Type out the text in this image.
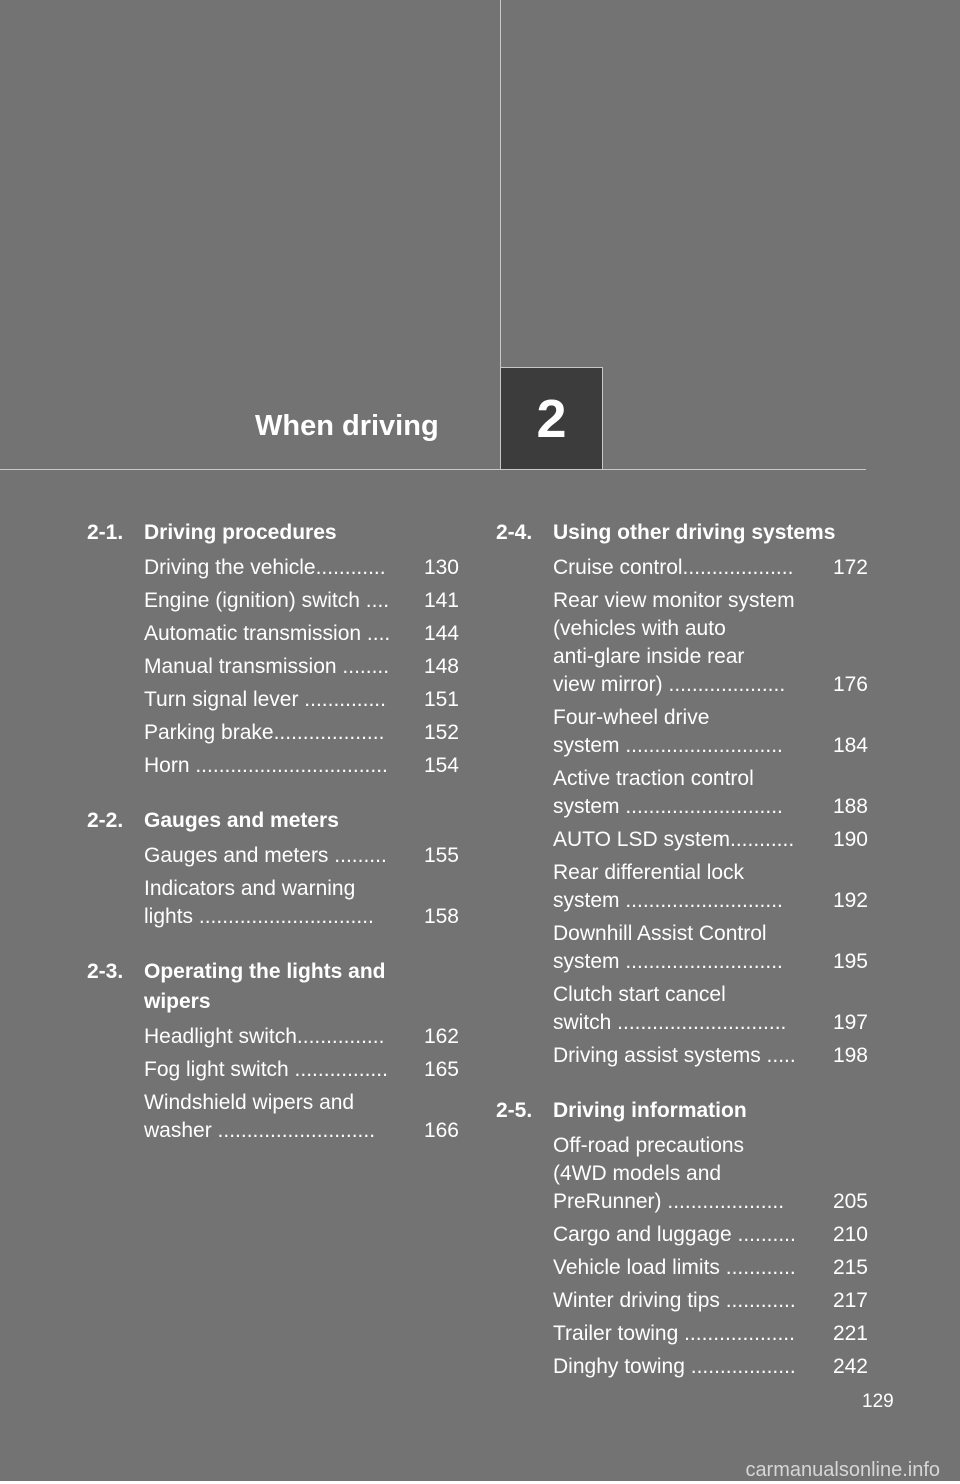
When driving 2
2-1. Driving procedures
Driving the vehicle............	130
Engine (ignition) switch ....	141
Automatic transmission ....	144
Manual transmission ........	148
Turn signal lever ..............	151
Parking brake...................	152
Horn .................................	154
2-2. Gauges and meters
Gauges and meters .........	155
Indicators and warning
lights ..............................	158
2-3. Operating the lights and
wipers
Headlight switch...............	162
Fog light switch ................	165
Windshield wipers and
washer ...........................	166
2-4. Using other driving systems
Cruise control...................	172
Rear view monitor system
(vehicles with auto
anti-glare inside rear
view mirror) ....................	176
Four-wheel drive
system ...........................	184
Active traction control
system ...........................	188
AUTO LSD system...........	190
Rear differential lock
system ...........................	192
Downhill Assist Control
system ...........................	195
Clutch start cancel
switch .............................	197
Driving assist systems .....	198
2-5. Driving information
Off-road precautions
(4WD models and
PreRunner) ....................	205
Cargo and luggage ..........	210
Vehicle load limits ............	215
Winter driving tips ............	217
Trailer towing ...................	221
Dinghy towing ..................	242
129
carmanualsonline.info
